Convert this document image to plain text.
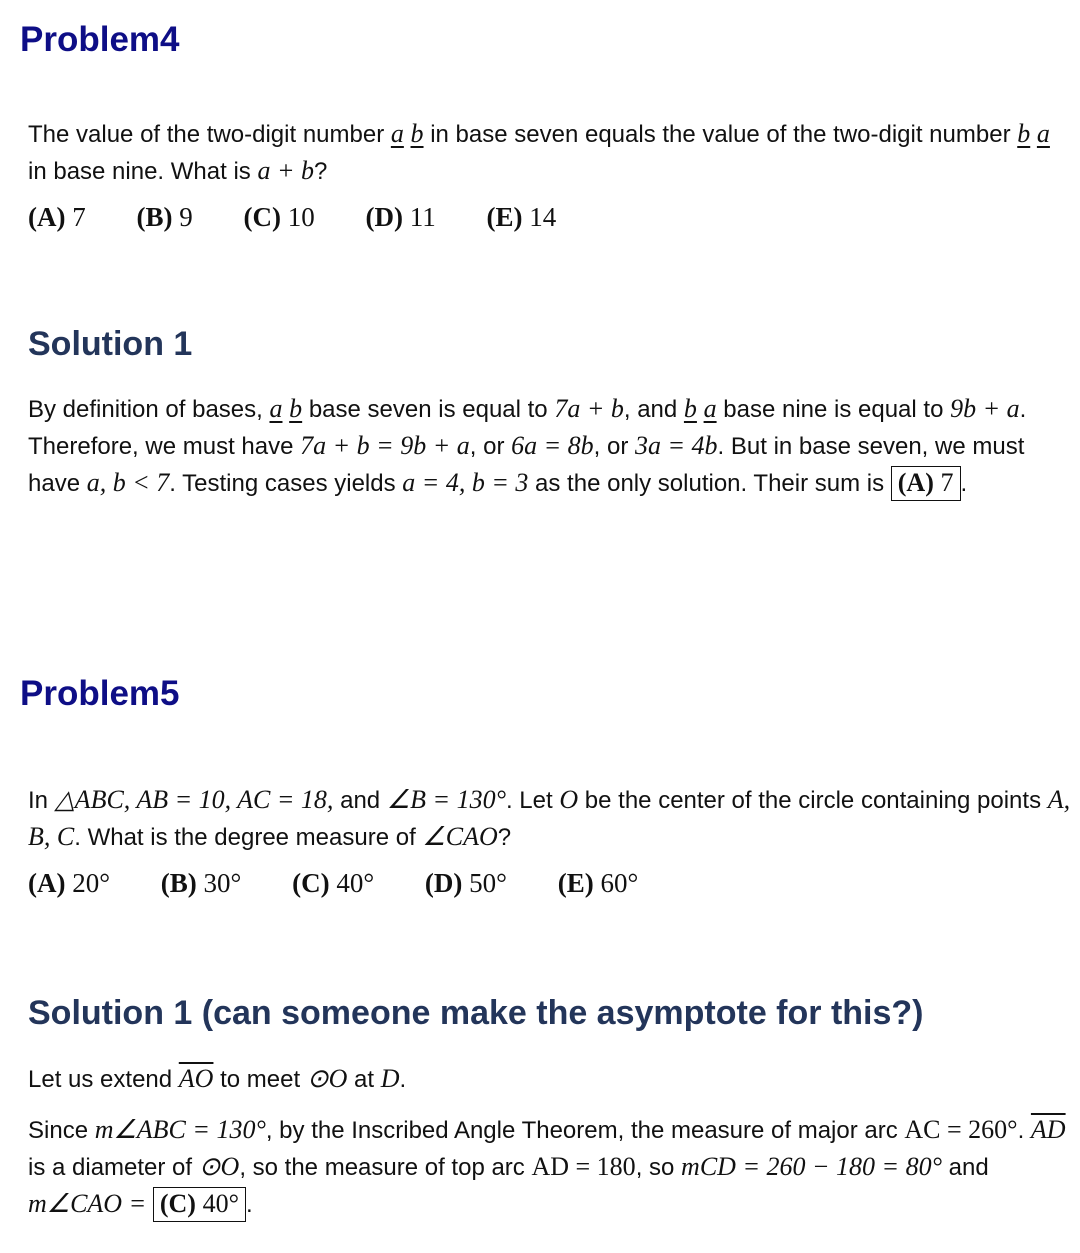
Problem4

The value of the two-digit number a b in base seven equals the value of the two-digit number b a in base nine. What is a + b?

(A) 7 (B) 9 (C) 10 (D) 11 (E) 14
Solution 1

By definition of bases, a b base seven is equal to 7a + b, and b a base nine is equal to 9b + a. Therefore, we must have 7a + b = 9b + a, or 6a = 8b, or 3a = 4b. But in base seven, we must have a, b < 7. Testing cases yields a = 4, b = 3 as the only solution. Their sum is (A) 7 .

Problem5

In △ABC, AB = 10, AC = 18, and ∠B = 130°. Let O be the center of the circle containing points A, B, C. What is the degree measure of ∠CAO?

(A) 20° (B) 30° (C) 40° (D) 50° (E) 60°
Solution 1 (can someone make the asymptote for this?)

Let us extend $\overline{AO}$ to meet ⊙O at D.

Since m∠ABC = 130°, by the Inscribed Angle Theorem, the measure of major arc AC = 260°. $\overline{AD}$ is a diameter of ⊙O, so the measure of top arc AD = 180, so mCD = 260 − 180 = 80° and m∠CAO = (C) 40° .
